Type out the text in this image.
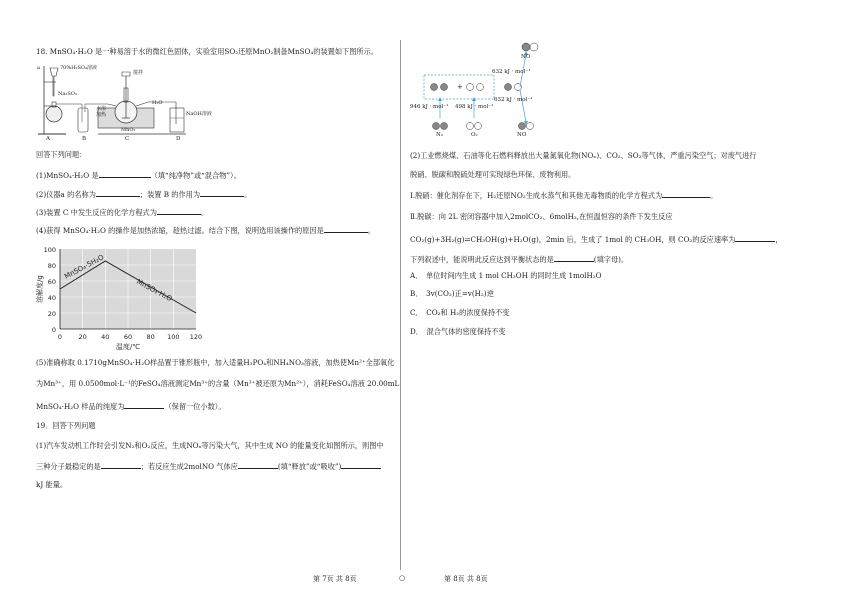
18. MnSO₄·H₂O 是一种易溶于水的微红色固体，实验室用SO₂还原MnO₂制备MnSO₄的装置如下图所示。
a	70%H₂SO₄溶液
Na₂SO₃
搅拌
H₂O
水浴加热
MnO₂
NaOH溶液
A	B	C	D
回答下列问题：
(1)MnSO₄·H₂O 是	（填“纯净物”或“混合物”）。
(2)仪器a 的名称为	；装置 B 的作用为	。
(3)装置 C 中发生反应的化学方程式为	。
(4)获得 MnSO₄·H₂O 的操作是加热浓缩，趁热过滤。结合下图，说明选用该操作的原因是	。
100
80
60
40
20
0
0	20 40 60 80 100 120
MnSO₄·5H₂O
MnSO₄·H₂O
溶解度/g
温度/℃
(5)准确称取 0.1710gMnSO₄·H₂O样品置于锥形瓶中，加入适量H₃PO₄和NH₄NO₃溶液，加热使Mn²⁺全部氧化
为Mn³⁺，用 0.0500mol·L⁻¹的FeSO₄溶液测定Mn³⁺的含量（Mn³⁺被还原为Mn²⁺），消耗FeSO₄溶液 20.00mL，
MnSO₄·H₂O 样品的纯度为	（保留一位小数）。
19．回答下列问题
(1)汽车发动机工作时会引发N₂和O₂反应，生成NOₓ等污染大气，其中生成 NO 的能量变化如图所示，则图中
三种分子最稳定的是	；若反应生成2molNO 气体应	(填“释放”或“吸收”)
kJ 能量。
NO
632 kJ · mol⁻¹
+
632 kJ · mol⁻¹
946 kJ · mol⁻¹ 498 kJ · mol⁻¹
N₂	O₂	NO
(2)工业燃烧煤、石油等化石燃料释放出大量氮氧化物(NOₓ)、CO₂、SO₂等气体，严重污染空气；对废气进行
脱硝、脱碳和脱硫处理可实现绿色环保、废物利用。
Ⅰ.脱硝：催化剂存在下，H₂还原NO₂生成水蒸气和其他无毒物质的化学方程式为	。
Ⅱ.脱碳：向 2L 密闭容器中加入2molCO₂、6molH₂,在恒温恒容的条件下发生反应
CO₂(g)+3H₂(g)⇌CH₃OH(g)+H₂O(g)，2min 后，生成了 1mol 的 CH₃OH，则 CO₂的反应速率为	，
下列叙述中，能说明此反应达到平衡状态的是	(填字母)。
A．　单位时间内生成 1 mol CH₃OH 的同时生成 1molH₂O
B．　3v(CO₂)正=v(H₂)逆
C．　CO₂和 H₂的浓度保持不变
D．　混合气体的密度保持不变
第 7页 共 8页	○	第 8页 共 8页
